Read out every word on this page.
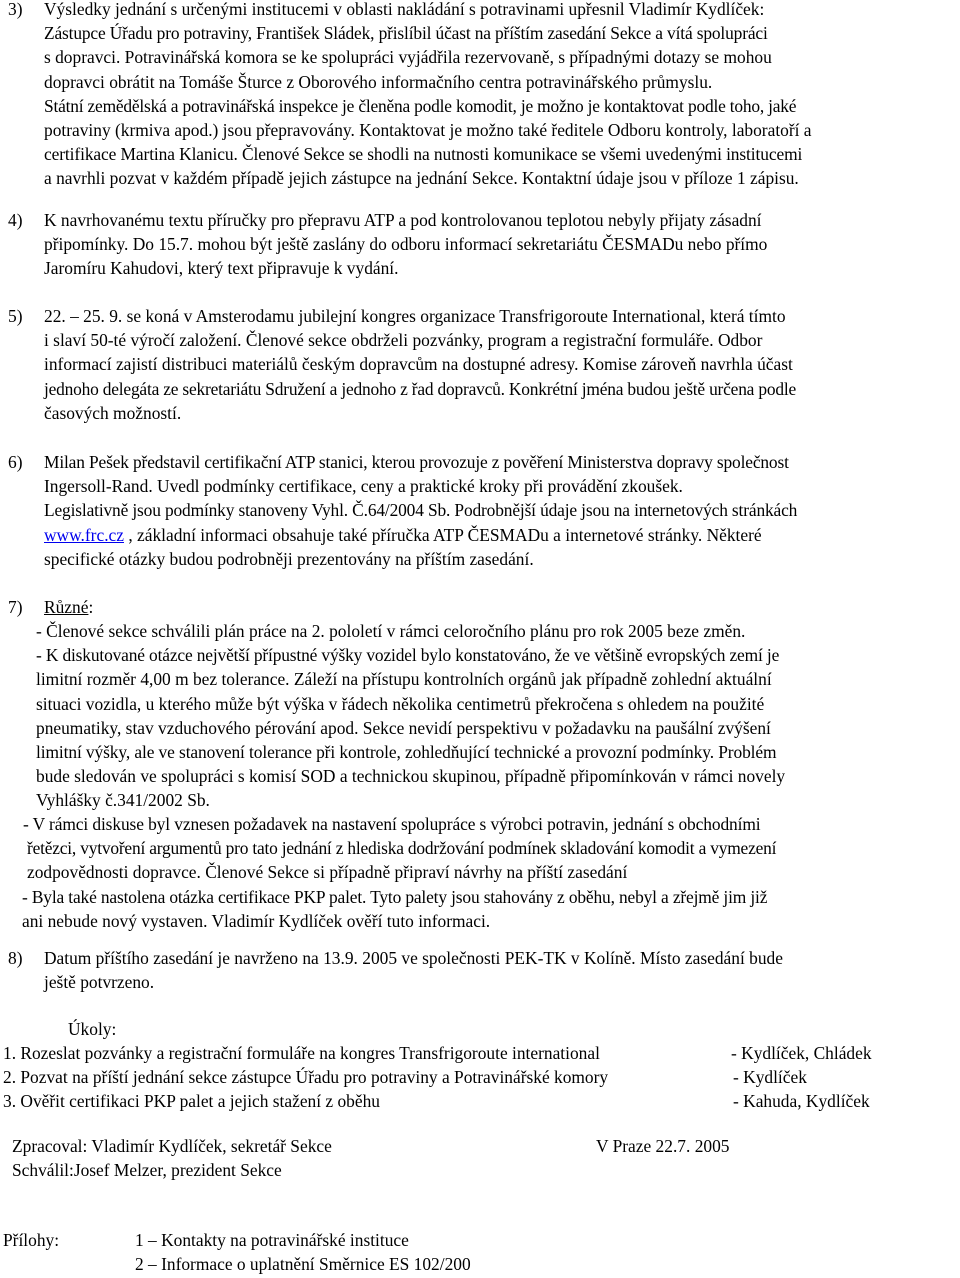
3) Výsledky jednání s určenými institucemi v oblasti nakládání s potravinami upřesnil Vladimír Kydlíček:
Zástupce Úřadu pro potraviny, František Sládek, přislíbil účast na příštím zasedání Sekce a vítá spolupráci
s dopravci. Potravinářská komora se ke spolupráci vyjádřila rezervovaně, s případnými dotazy se mohou
dopravci obrátit na Tomáše Šturce z Oborového informačního centra potravinářského průmyslu.
Státní zemědělská a potravinářská inspekce je členěna podle komodit, je možno je kontaktovat podle toho, jaké
potraviny (krmiva apod.) jsou přepravovány. Kontaktovat je možno také ředitele Odboru kontroly, laboratoří a
certifikace Martina Klanicu. Členové Sekce se shodli na nutnosti komunikace se všemi uvedenými institucemi
a navrhli pozvat v každém případě jejich zástupce na jednání Sekce. Kontaktní údaje jsou v příloze 1 zápisu.
4) K navrhovanému textu příručky pro přepravu ATP a pod kontrolovanou teplotou nebyly přijaty zásadní
připomínky. Do 15.7. mohou být ještě zaslány do odboru informací sekretariátu ČESMADu nebo přímo
Jaromíru Kahudovi, který text připravuje k vydání.
5) 22. – 25. 9. se koná v Amsterodamu jubilejní kongres organizace Transfrigoroute International, která tímto
i slaví 50-té výročí založení. Členové sekce obdrželi pozvánky, program a registrační formuláře. Odbor
informací zajistí distribuci materiálů českým dopravcům na dostupné adresy. Komise zároveň navrhla účast
jednoho delegáta ze sekretariátu Sdružení a jednoho z řad dopravců. Konkrétní jména budou ještě určena podle
časových možností.
6) Milan Pešek představil certifikační ATP stanici, kterou provozuje z pověření Ministerstva dopravy společnost
Ingersoll-Rand. Uvedl podmínky certifikace, ceny a praktické kroky při provádění zkoušek.
Legislativně jsou podmínky stanoveny Vyhl. Č.64/2004 Sb. Podrobnější údaje jsou na internetových stránkách
www.frc.cz , základní informaci obsahuje také příručka ATP ČESMADu a internetové stránky. Některé
specifické otázky budou podrobněji prezentovány na příštím zasedání.
7) Různé:
- Členové sekce schválili plán práce na 2. pololetí v rámci celoročního plánu pro rok 2005 beze změn.
- K diskutované otázce největší přípustné výšky vozidel bylo konstatováno, že ve většině evropských zemí je
limitní rozměr 4,00 m bez tolerance. Záleží na přístupu kontrolních orgánů jak případně zohlední aktuální
situaci vozidla, u kterého může být výška v řádech několika centimetrů překročena s ohledem na použité
pneumatiky, stav vzduchového pérování apod. Sekce nevidí perspektivu v požadavku na paušální zvýšení
limitní výšky, ale ve stanovení tolerance při kontrole, zohledňující technické a provozní podmínky. Problém
bude sledován ve spolupráci s komisí SOD a technickou skupinou, případně připomínkován v rámci novely
Vyhlášky č.341/2002 Sb.
- V rámci diskuse byl vznesen požadavek na nastavení spolupráce s výrobci potravin, jednání s obchodními
řetězci, vytvoření argumentů pro tato jednání z hlediska dodržování podmínek skladování komodit a vymezení
zodpovědnosti dopravce. Členové Sekce si případně připraví návrhy na příští zasedání
- Byla také nastolena otázka certifikace PKP palet. Tyto palety jsou stahovány z oběhu, nebyl a zřejmě jim již
ani nebude nový vystaven. Vladimír Kydlíček ověří tuto informaci.
8) Datum příštího zasedání je navrženo na 13.9. 2005 ve společnosti PEK-TK v Kolíně. Místo zasedání bude
ještě potvrzeno.
Úkoly:
1. Rozeslat pozvánky a registrační formuláře na kongres Transfrigoroute international	- Kydlíček, Chládek
2. Pozvat na příští jednání sekce zástupce Úřadu pro potraviny a Potravinářské komory	- Kydlíček
3. Ověřit certifikaci PKP palet a jejich stažení z oběhu	- Kahuda, Kydlíček
Zpracoval: Vladimír Kydlíček, sekretář Sekce	V Praze 22.7. 2005
Schválil:Josef Melzer, prezident Sekce
Přílohy:	1 – Kontakty na potravinářské instituce
2 – Informace o uplatnění Směrnice ES 102/200
